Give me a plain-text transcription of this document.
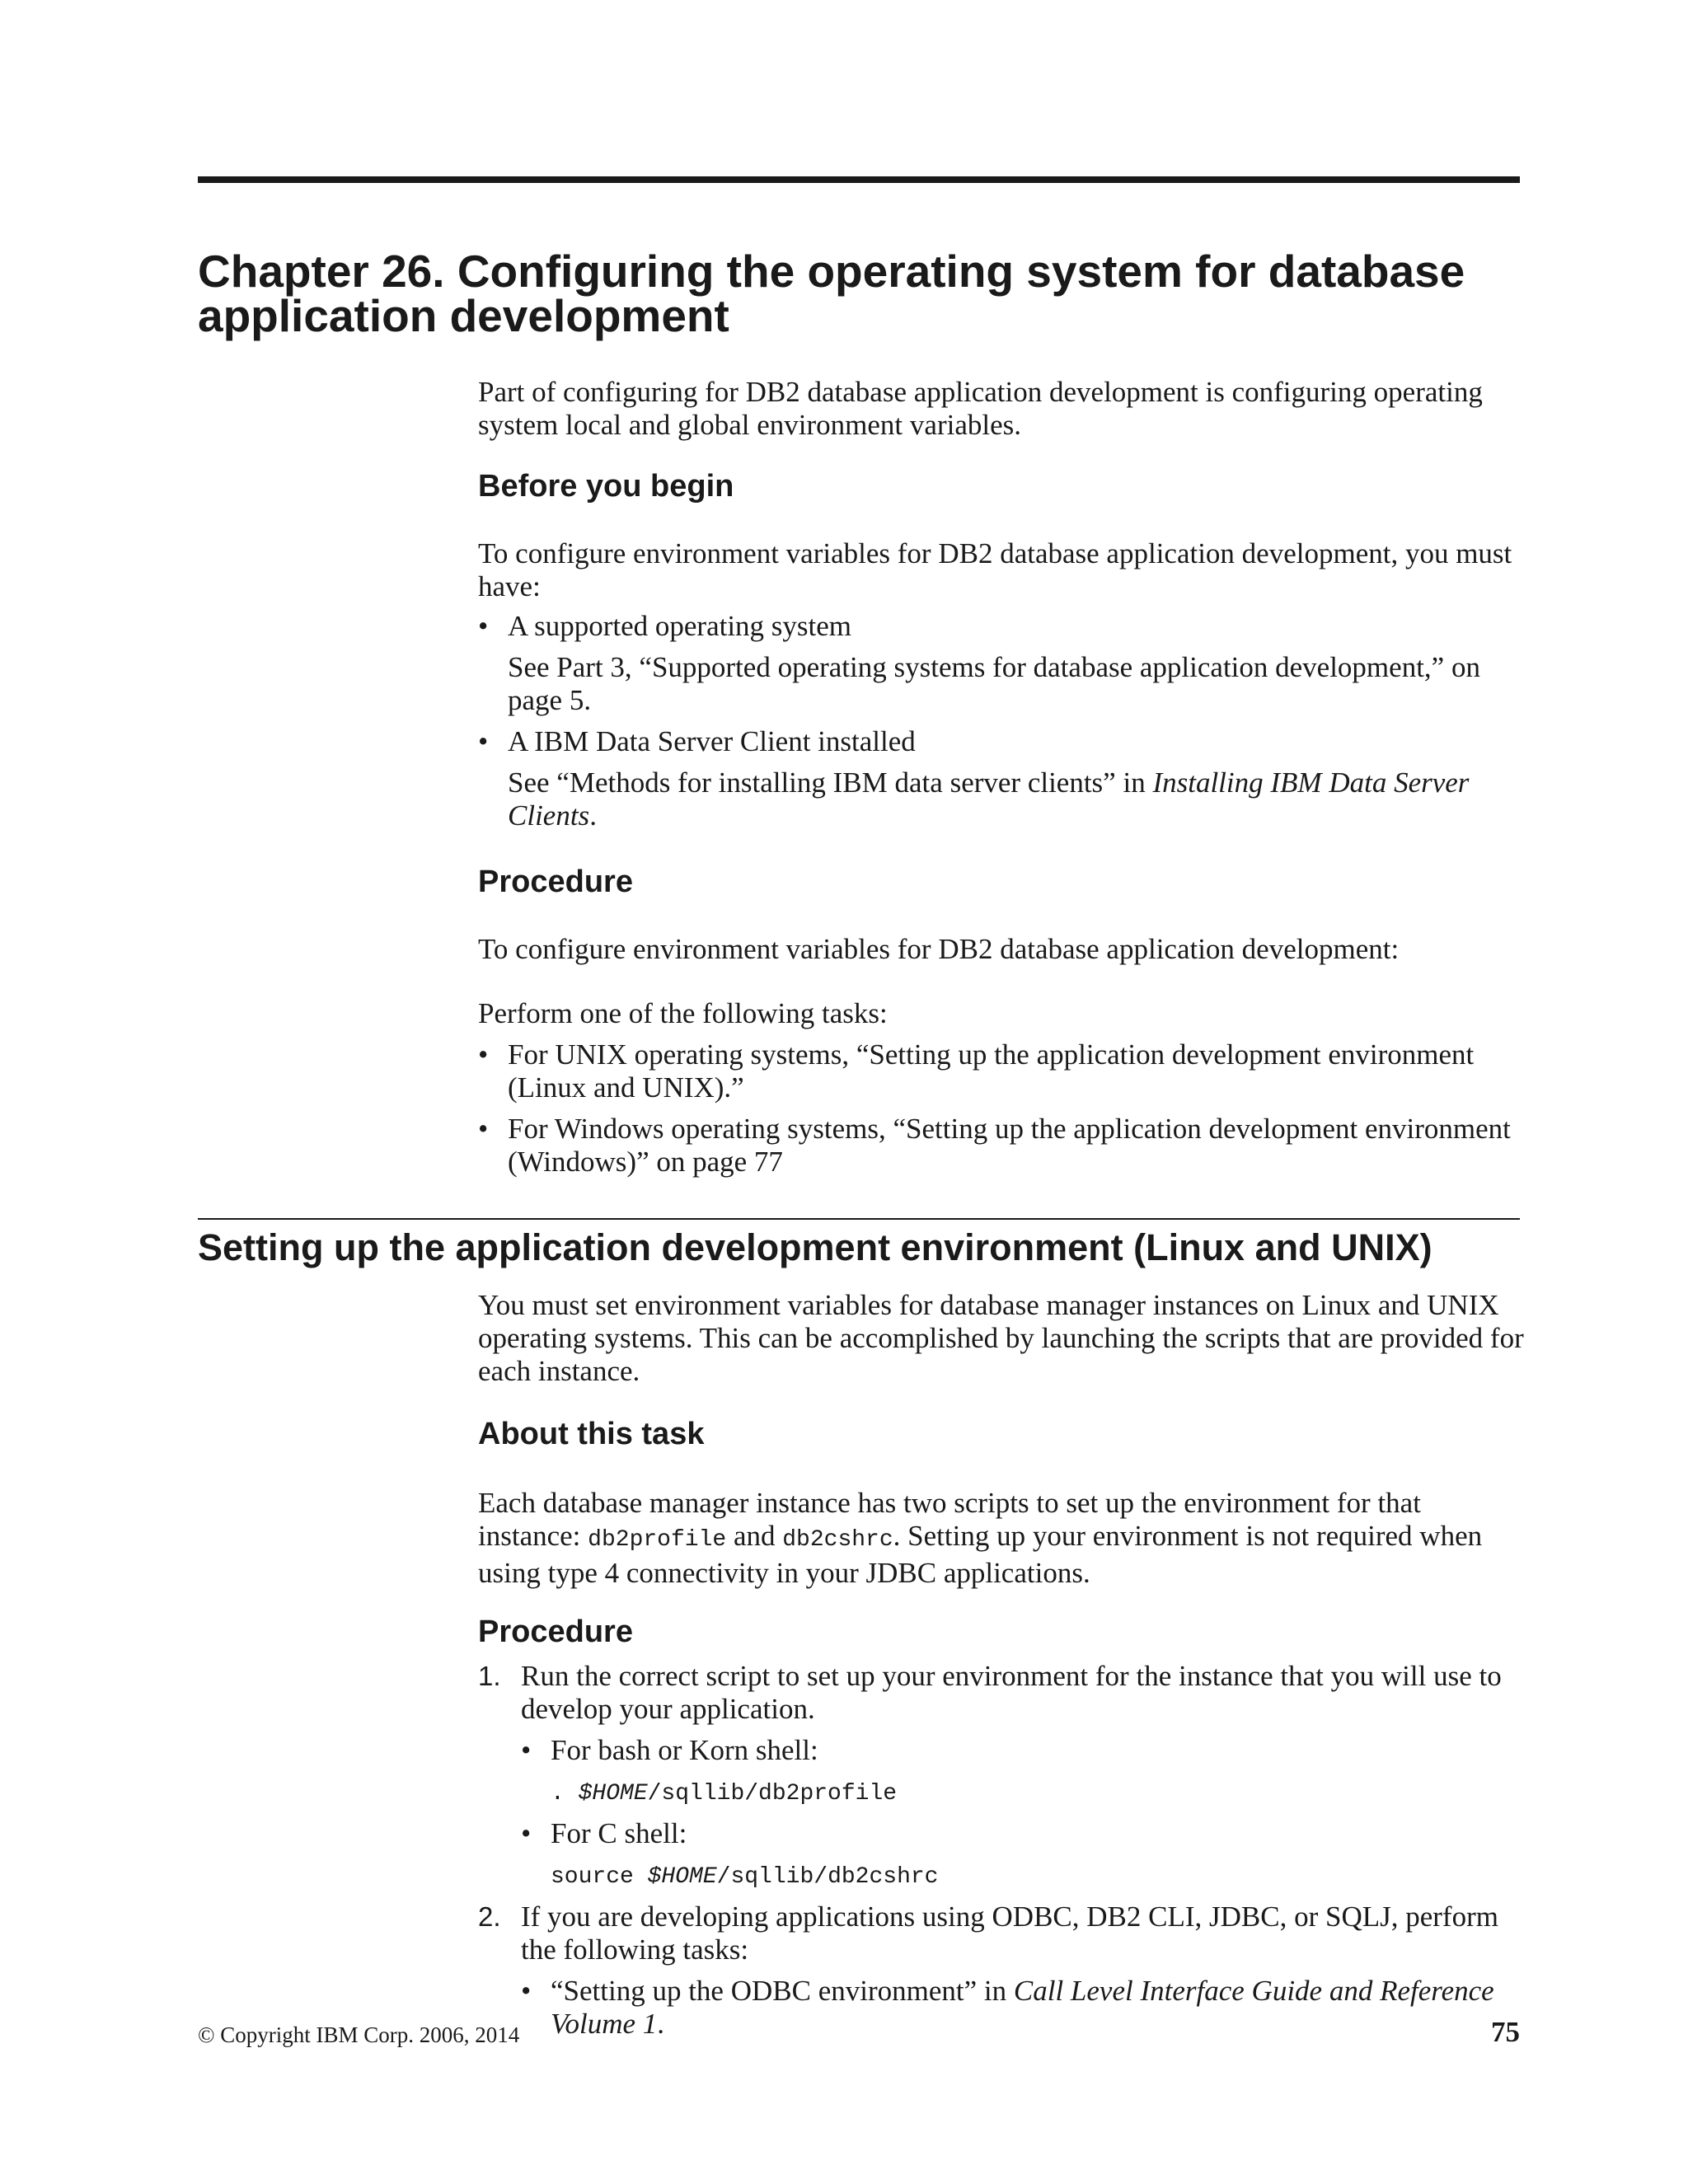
Chapter 26. Configuring the operating system for database
application development

Part of configuring for DB2 database application development is configuring operating system local and global environment variables.

Before you begin

To configure environment variables for DB2 database application development, you must have:

• A supported operating system

See Part 3, “Supported operating systems for database application development,” on page 5.

• A IBM Data Server Client installed

See “Methods for installing IBM data server clients” in Installing IBM Data Server Clients.

Procedure

To configure environment variables for DB2 database application development:

Perform one of the following tasks:

• For UNIX operating systems, “Setting up the application development environment (Linux and UNIX).”
• For Windows operating systems, “Setting up the application development environment (Windows)” on page 77
Setting up the application development environment (Linux and UNIX)

You must set environment variables for database manager instances on Linux and UNIX operating systems. This can be accomplished by launching the scripts that are provided for each instance.

About this task

Each database manager instance has two scripts to set up the environment for that instance: db2profile and db2cshrc. Setting up your environment is not required when using type 4 connectivity in your JDBC applications.

Procedure
1. Run the correct script to set up your environment for the instance that you will use to develop your application.

• For bash or Korn shell:

. $HOME/sqllib/db2profile

• For C shell:

source $HOME/sqllib/db2cshrc

2. If you are developing applications using ODBC, DB2 CLI, JDBC, or SQLJ, perform the following tasks:

• “Setting up the ODBC environment” in Call Level Interface Guide and Reference Volume 1.
© Copyright IBM Corp. 2006, 2014	75
